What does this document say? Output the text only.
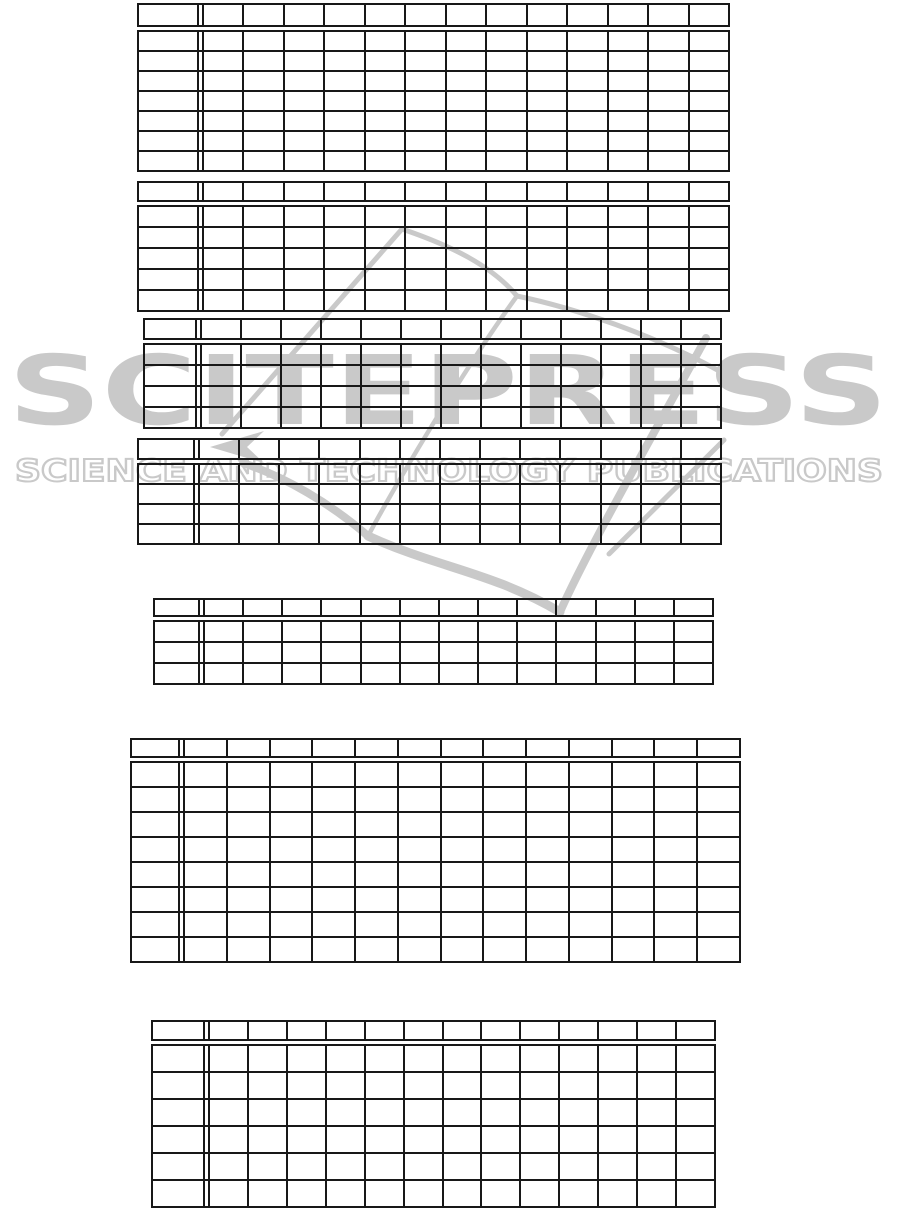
SCITEPRESS
SCIENCE AND TECHNOLOGY PUBLICATIONS
